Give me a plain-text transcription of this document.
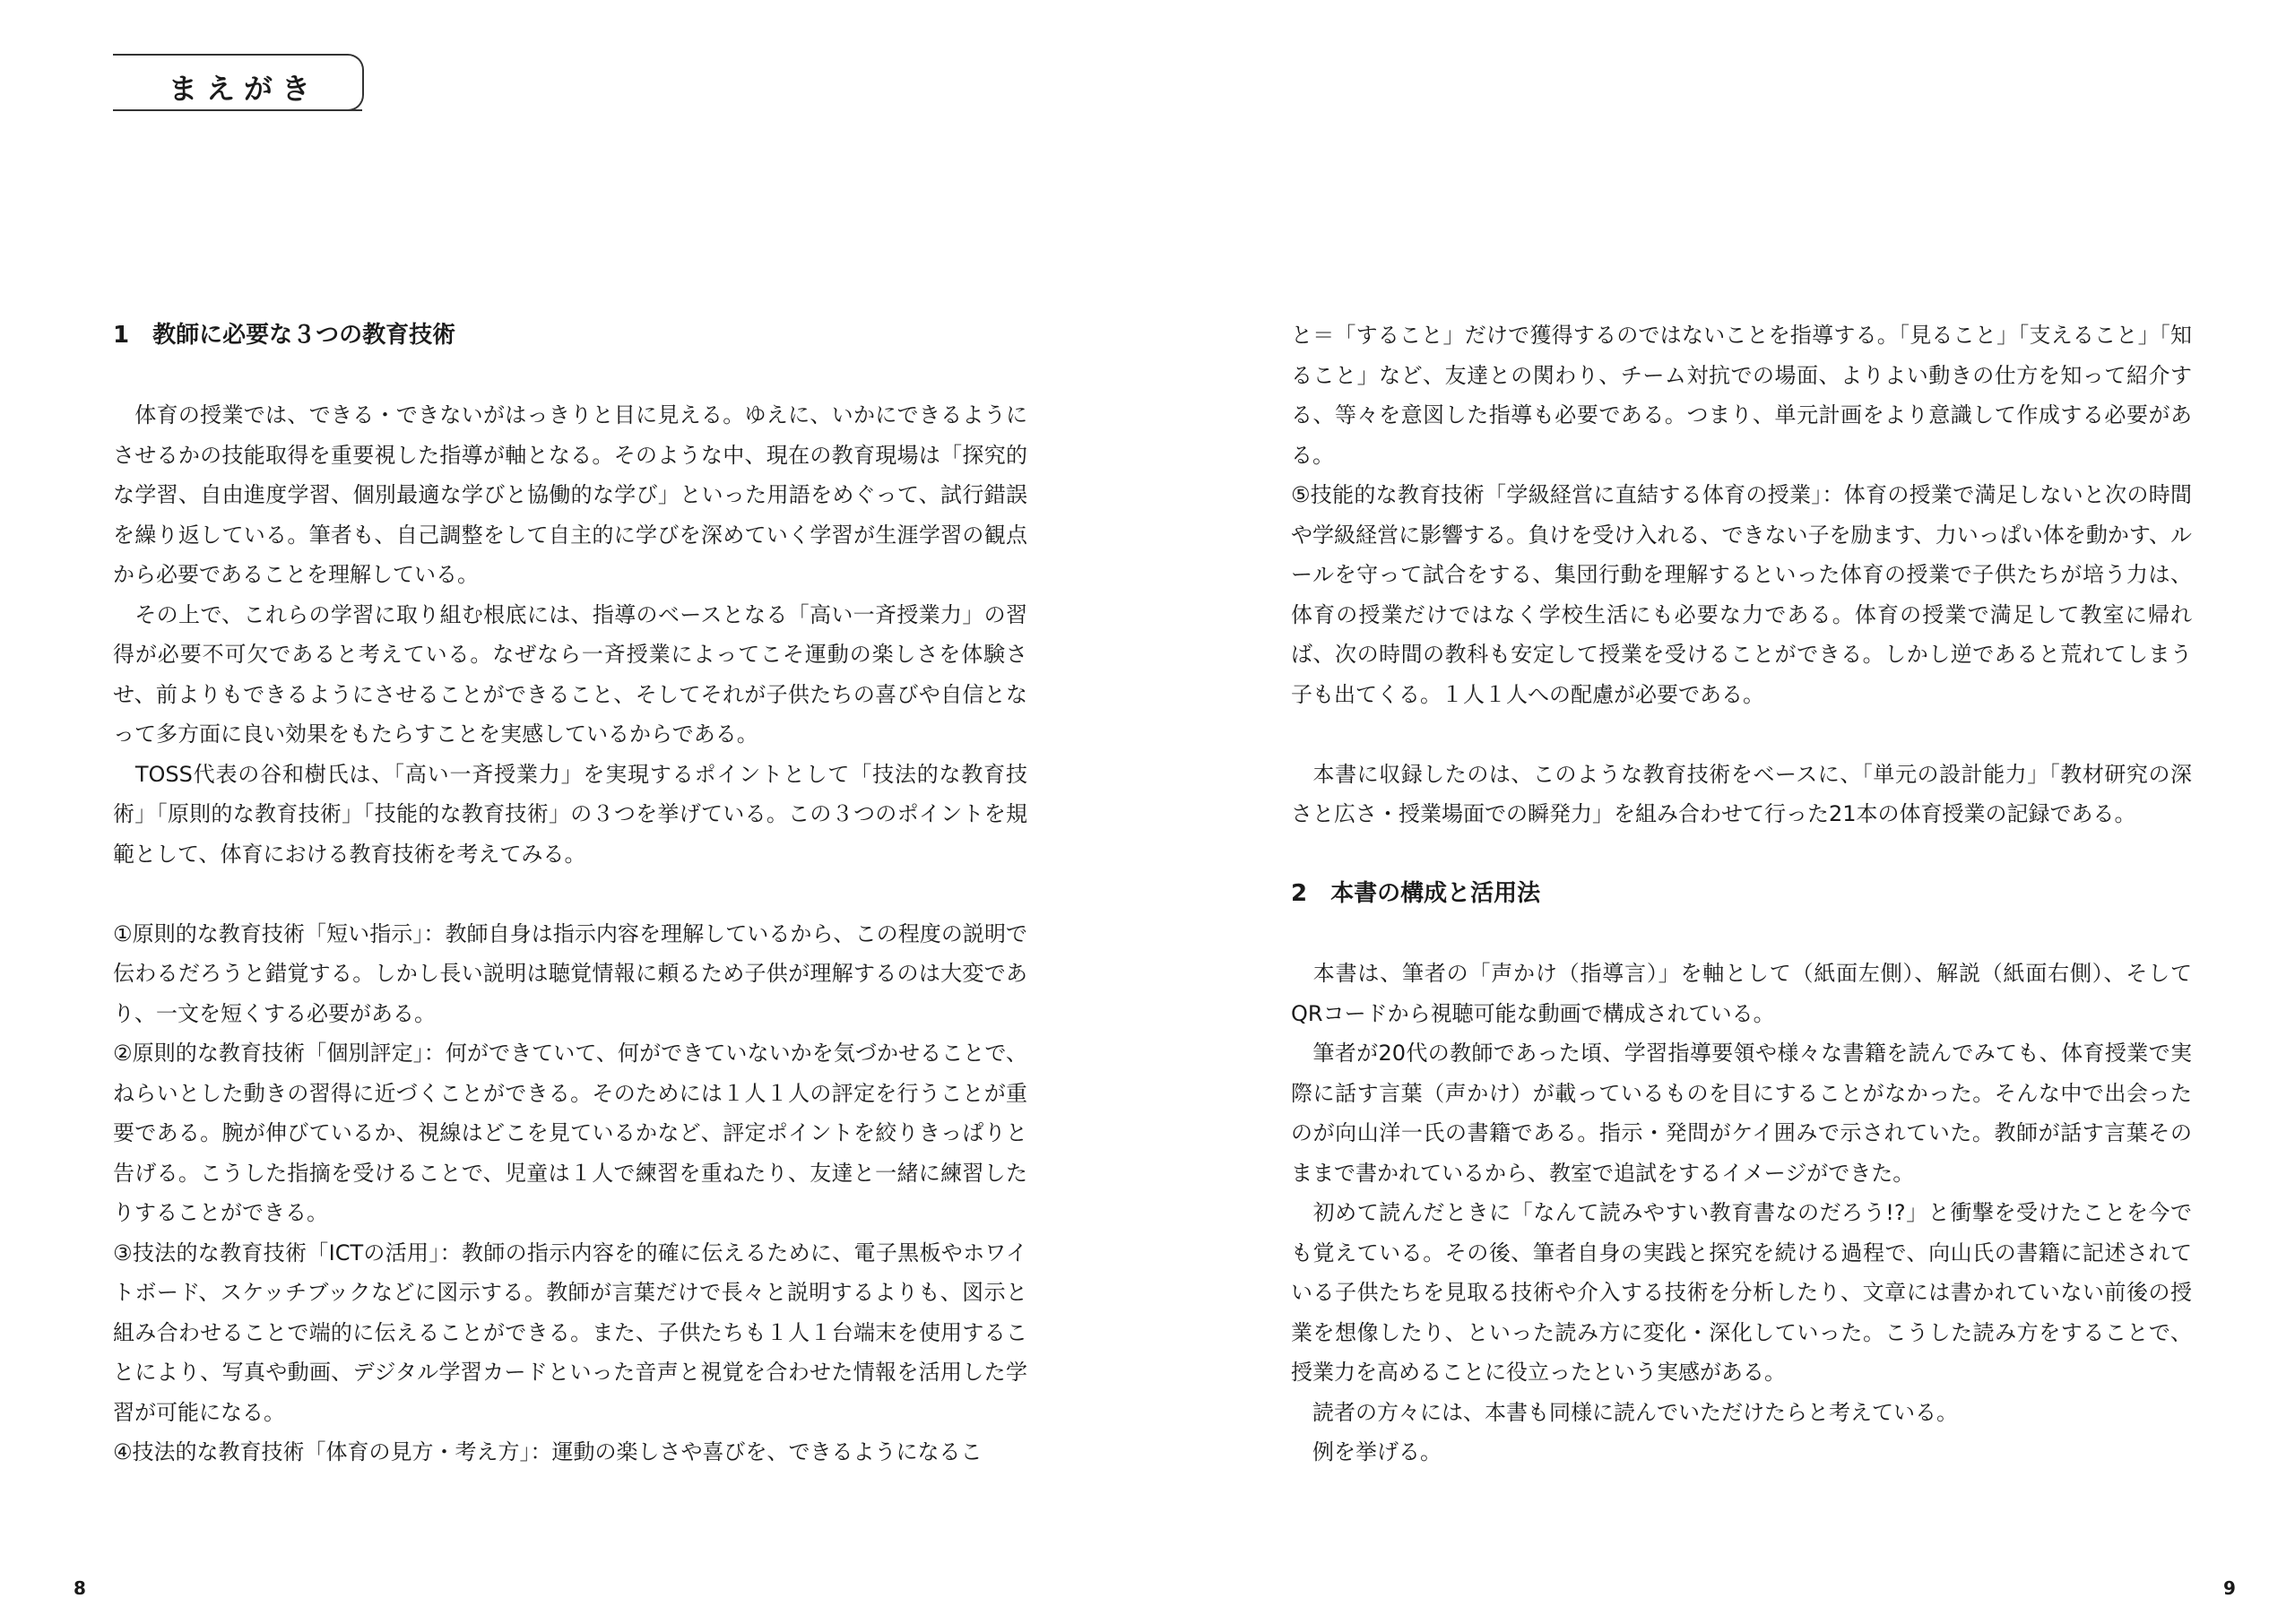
まえがき

1　教師に必要な３つの教育技術

　体育の授業では、できる・できないがはっきりと目に見える。ゆえに、いかにできるようにさせるかの技能取得を重要視した指導が軸となる。そのような中、現在の教育現場は「探究的な学習、自由進度学習、個別最適な学びと協働的な学び」といった用語をめぐって、試行錯誤を繰り返している。筆者も、自己調整をして自主的に学びを深めていく学習が生涯学習の観点から必要であることを理解している。

　その上で、これらの学習に取り組む根底には、指導のベースとなる「高い一斉授業力」の習得が必要不可欠であると考えている。なぜなら一斉授業によってこそ運動の楽しさを体験させ、前よりもできるようにさせることができること、そしてそれが子供たちの喜びや自信となって多方面に良い効果をもたらすことを実感しているからである。

　TOSS代表の谷和樹氏は、「高い一斉授業力」を実現するポイントとして「技法的な教育技術」「原則的な教育技術」「技能的な教育技術」の３つを挙げている。この３つのポイントを規範として、体育における教育技術を考えてみる。

①原則的な教育技術「短い指示」：教師自身は指示内容を理解しているから、この程度の説明で伝わるだろうと錯覚する。しかし長い説明は聴覚情報に頼るため子供が理解するのは大変であり、一文を短くする必要がある。

②原則的な教育技術「個別評定」：何ができていて、何ができていないかを気づかせることで、ねらいとした動きの習得に近づくことができる。そのためには１人１人の評定を行うことが重要である。腕が伸びているか、視線はどこを見ているかなど、評定ポイントを絞りきっぱりと告げる。こうした指摘を受けることで、児童は１人で練習を重ねたり、友達と一緒に練習したりすることができる。

③技法的な教育技術「ICTの活用」：教師の指示内容を的確に伝えるために、電子黒板やホワイトボード、スケッチブックなどに図示する。教師が言葉だけで長々と説明するよりも、図示と組み合わせることで端的に伝えることができる。また、子供たちも１人１台端末を使用することにより、写真や動画、デジタル学習カードといった音声と視覚を合わせた情報を活用した学習が可能になる。

④技法的な教育技術「体育の見方・考え方」：運動の楽しさや喜びを、できるようになるこ

8

と＝「すること」だけで獲得するのではないことを指導する。「見ること」「支えること」「知ること」など、友達との関わり、チーム対抗での場面、よりよい動きの仕方を知って紹介する、等々を意図した指導も必要である。つまり、単元計画をより意識して作成する必要がある。

⑤技能的な教育技術「学級経営に直結する体育の授業」：体育の授業で満足しないと次の時間や学級経営に影響する。負けを受け入れる、できない子を励ます、力いっぱい体を動かす、ルールを守って試合をする、集団行動を理解するといった体育の授業で子供たちが培う力は、体育の授業だけではなく学校生活にも必要な力である。体育の授業で満足して教室に帰れば、次の時間の教科も安定して授業を受けることができる。しかし逆であると荒れてしまう子も出てくる。１人１人への配慮が必要である。

　本書に収録したのは、このような教育技術をベースに、「単元の設計能力」「教材研究の深さと広さ・授業場面での瞬発力」を組み合わせて行った21本の体育授業の記録である。

2　本書の構成と活用法

　本書は、筆者の「声かけ（指導言）」を軸として（紙面左側）、解説（紙面右側）、そしてQRコードから視聴可能な動画で構成されている。

　筆者が20代の教師であった頃、学習指導要領や様々な書籍を読んでみても、体育授業で実際に話す言葉（声かけ）が載っているものを目にすることがなかった。そんな中で出会ったのが向山洋一氏の書籍である。指示・発問がケイ囲みで示されていた。教師が話す言葉そのままで書かれているから、教室で追試をするイメージができた。

　初めて読んだときに「なんて読みやすい教育書なのだろう!?」と衝撃を受けたことを今でも覚えている。その後、筆者自身の実践と探究を続ける過程で、向山氏の書籍に記述されている子供たちを見取る技術や介入する技術を分析したり、文章には書かれていない前後の授業を想像したり、といった読み方に変化・深化していった。こうした読み方をすることで、授業力を高めることに役立ったという実感がある。

　読者の方々には、本書も同様に読んでいただけたらと考えている。

　例を挙げる。

9
